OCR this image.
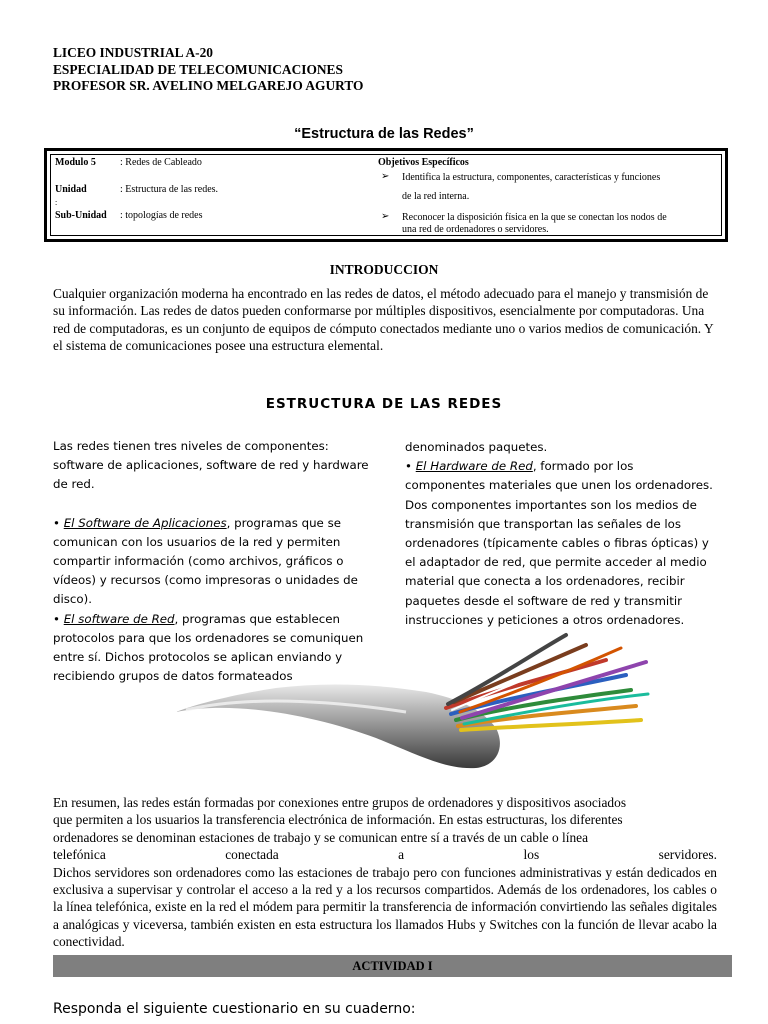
LICEO INDUSTRIAL A-20
ESPECIALIDAD DE TELECOMUNICACIONES
PROFESOR SR. AVELINO MELGAREJO AGURTO
“Estructura de las Redes”
Modulo 5 : Redes de Cableado
Unidad	: Estructura de las redes.
:
Sub-Unidad : topologías de redes
Objetivos Específicos
➢ Identifica la estructura, componentes, características y funciones
de la red interna.
➢ Reconocer la disposición física en la que se conectan los nodos de
una red de ordenadores o servidores.
INTRODUCCION
Cualquier organización moderna ha encontrado en las redes de datos, el método adecuado para el manejo y transmisión de su información. Las redes de datos pueden conformarse por múltiples dispositivos, esencialmente por computadoras. Una red de computadoras, es un conjunto de equipos de cómputo conectados mediante uno o varios medios de comunicación. Y el sistema de comunicaciones posee una estructura elemental.
ESTRUCTURA DE LAS REDES
Las redes tienen tres niveles de componentes: software de aplicaciones, software de red y hardware de red.
• El Software de Aplicaciones, programas que se comunican con los usuarios de la red y permiten compartir información (como archivos, gráficos o vídeos) y recursos (como impresoras o unidades de disco).
• El software de Red, programas que establecen protocolos para que los ordenadores se comuniquen entre sí. Dichos protocolos se aplican enviando y recibiendo grupos de datos formateados
denominados paquetes.
• El Hardware de Red, formado por los componentes materiales que unen los ordenadores. Dos componentes importantes son los medios de transmisión que transportan las señales de los ordenadores (típicamente cables o fibras ópticas) y el adaptador de red, que permite acceder al medio material que conecta a los ordenadores, recibir paquetes desde el software de red y transmitir instrucciones y peticiones a otros ordenadores.
En resumen, las redes están formadas por conexiones entre grupos de ordenadores y dispositivos asociados
que permiten a los usuarios la transferencia electrónica de información. En estas estructuras, los diferentes
ordenadores se denominan estaciones de trabajo y se comunican entre sí a través de un cable o línea
telefónica	conectada	a	los	servidores.
Dichos servidores son ordenadores como las estaciones de trabajo pero con funciones administrativas y están dedicados en exclusiva a supervisar y controlar el acceso a la red y a los recursos compartidos. Además de los ordenadores, los cables o la línea telefónica, existe en la red el módem para permitir la transferencia de información convirtiendo las señales digitales a analógicas y viceversa, también existen en esta estructura los llamados Hubs y Switches con la función de llevar acabo la conectividad.
ACTIVIDAD I
Responda el siguiente cuestionario en su cuaderno:
